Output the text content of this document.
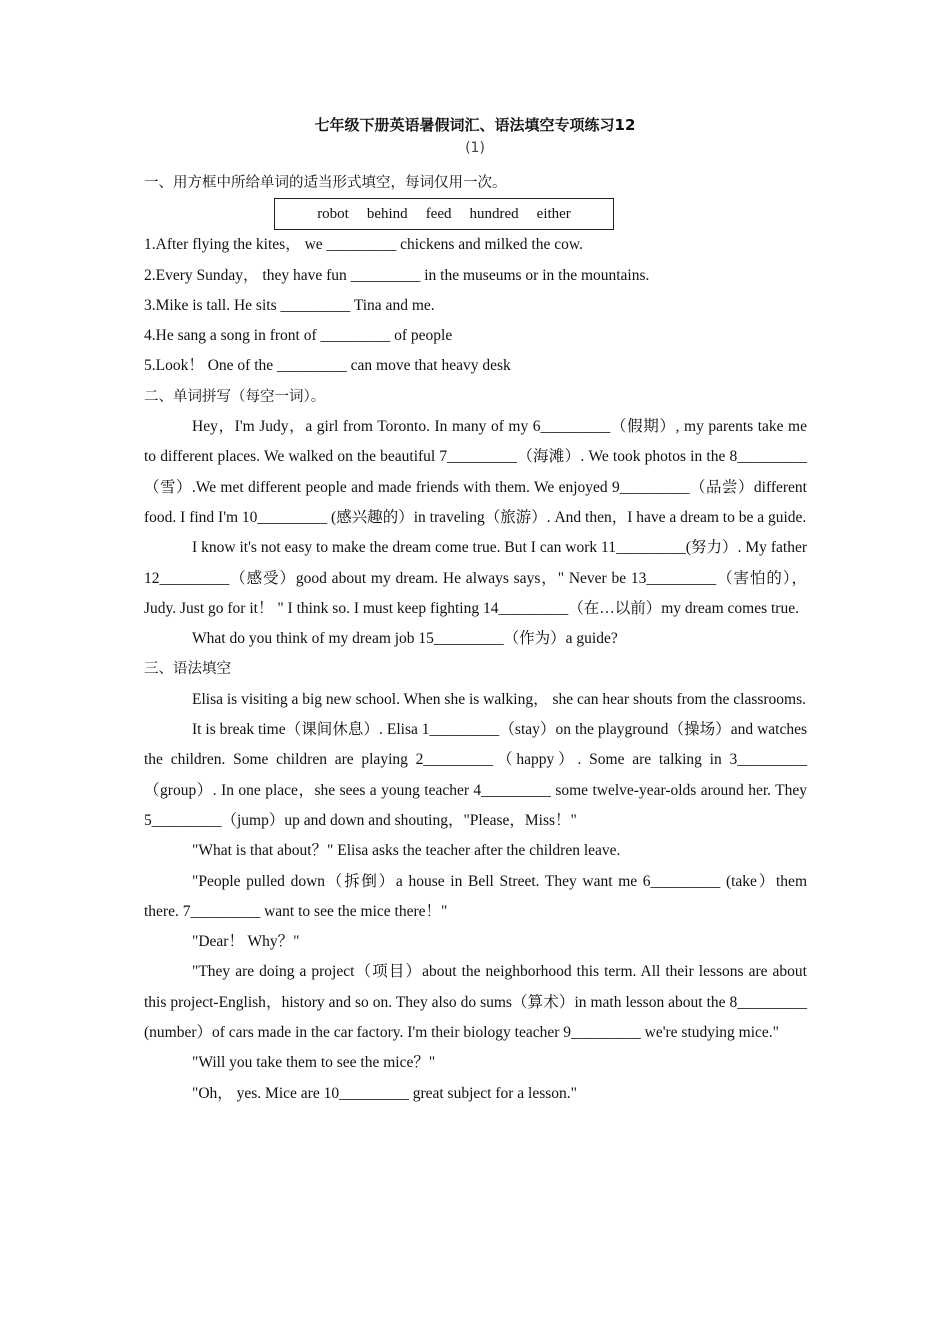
七年级下册英语暑假词汇、语法填空专项练习12
(1)

一、用方框中所给单词的适当形式填空，每词仅用一次。

robot behind feed hundred either

1.After flying the kites， we _________ chickens and milked the cow.

2.Every Sunday， they have fun _________ in the museums or in the mountains.

3.Mike is tall. He sits _________ Tina and me.

4.He sang a song in front of _________ of people

5.Look！ One of the _________ can move that heavy desk

二、单词拼写（每空一词）。

Hey，I'm Judy，a girl from Toronto. In many of my 6_________（假期）, my parents take me to different places. We walked on the beautiful 7_________（海滩）. We took photos in the 8_________（雪）.We met different people and made friends with them. We enjoyed 9_________（品尝）different food. I find I'm 10_________ (感兴趣的）in traveling（旅游）. And then，I have a dream to be a guide.

I know it's not easy to make the dream come true. But I can work 11_________(努力）. My father 12_________（感受）good about my dream. He always says，" Never be 13_________（害怕的）， Judy. Just go for it！ " I think so. I must keep fighting 14_________（在…以前）my dream comes true.

What do you think of my dream job 15_________（作为）a guide?

三、语法填空

Elisa is visiting a big new school. When she is walking， she can hear shouts from the classrooms.

It is break time（课间休息）. Elisa 1_________（stay）on the playground（操场）and watches the children. Some children are playing 2_________（happy）. Some are talking in 3_________（group）. In one place，she sees a young teacher 4_________ some twelve-year-olds around her. They 5_________（jump）up and down and shouting，"Please，Miss！"

"What is that about？" Elisa asks the teacher after the children leave.

"People pulled down（拆倒）a house in Bell Street. They want me 6_________ (take）them there. 7_________ want to see the mice there！"

"Dear！ Why？"

"They are doing a project（项目）about the neighborhood this term. All their lessons are about this project-English，history and so on. They also do sums（算术）in math lesson about the 8_________ (number）of cars made in the car factory. I'm their biology teacher 9_________ we're studying mice."

"Will you take them to see the mice？"

"Oh， yes. Mice are 10_________ great subject for a lesson."
